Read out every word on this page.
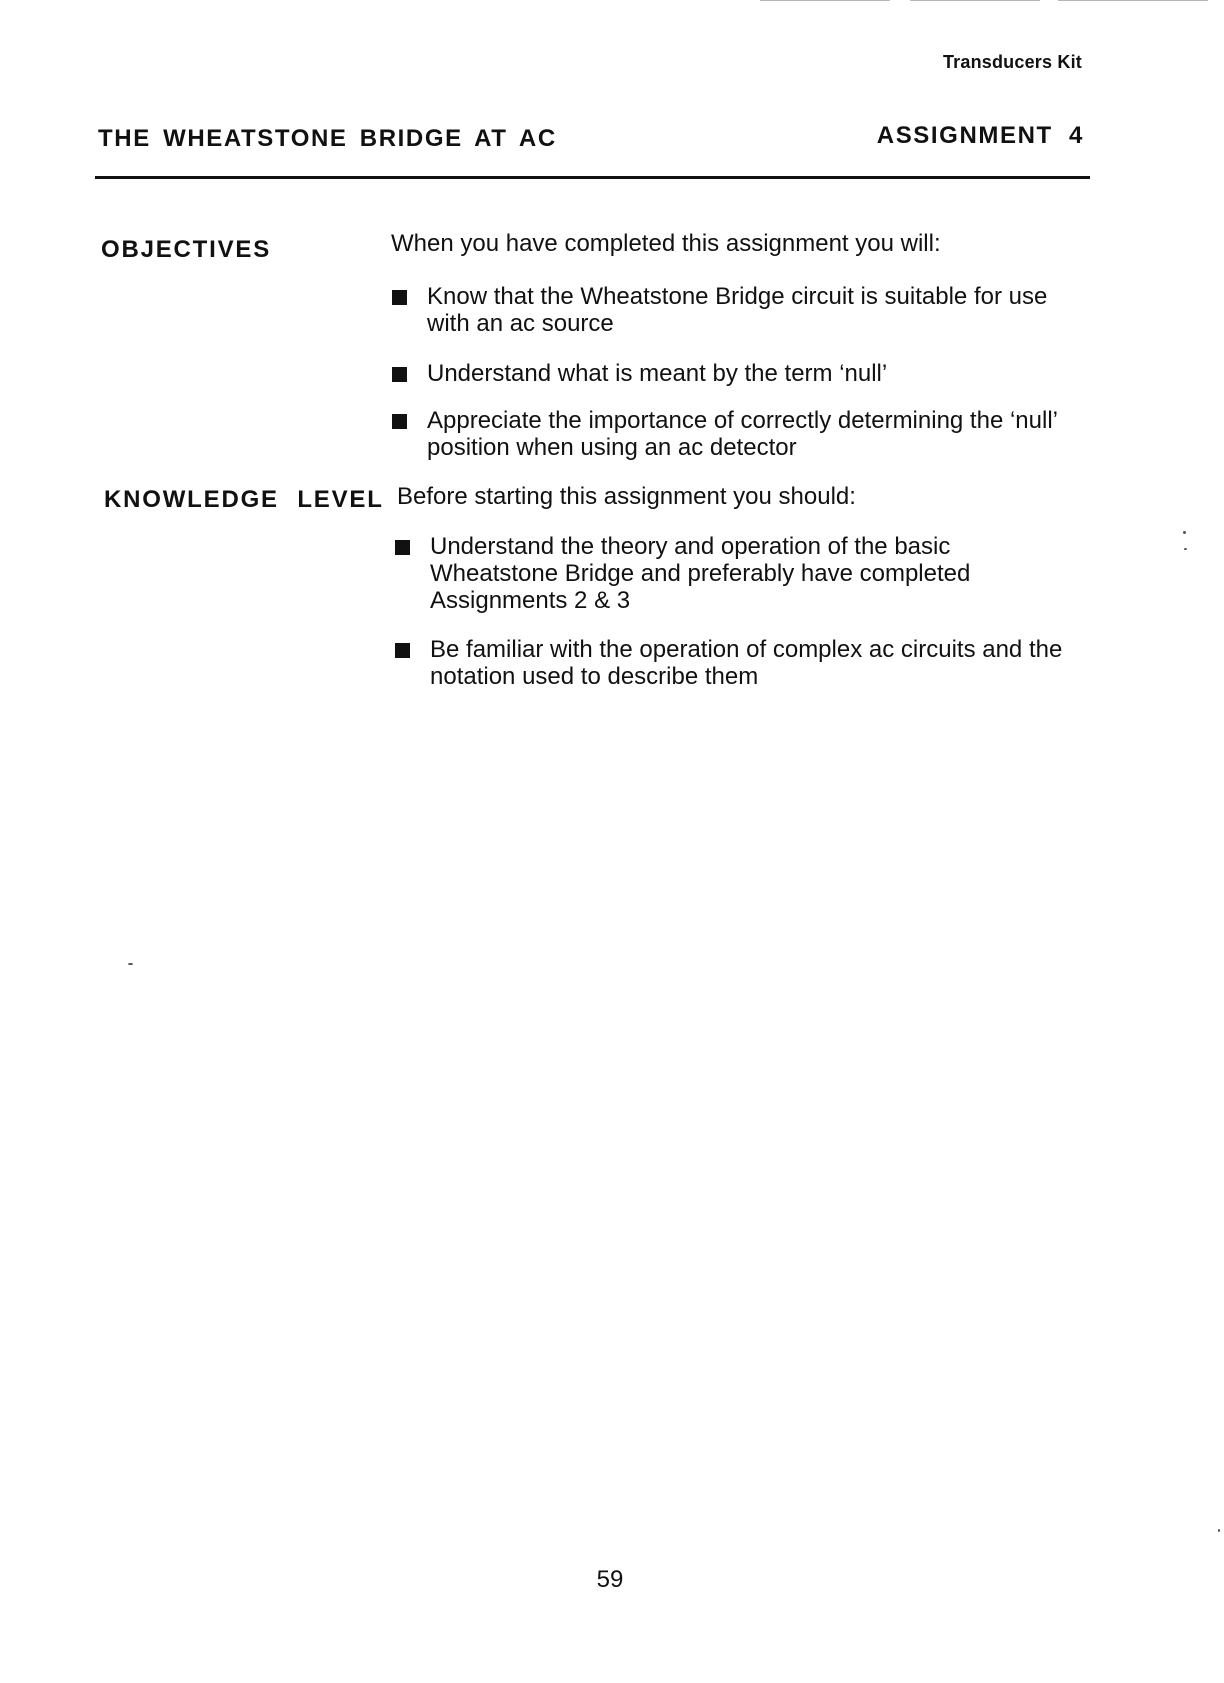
Transducers Kit
THE WHEATSTONE BRIDGE AT AC	ASSIGNMENT 4
OBJECTIVES	When you have completed this assignment you will:
Know that the Wheatstone Bridge circuit is suitable for use with an ac source
Understand what is meant by the term ‘null’
Appreciate the importance of correctly determining the ‘null’ position when using an ac detector
KNOWLEDGE LEVEL Before starting this assignment you should:
Understand the theory and operation of the basic Wheatstone Bridge and preferably have completed Assignments 2 & 3
Be familiar with the operation of complex ac circuits and the notation used to describe them
59
